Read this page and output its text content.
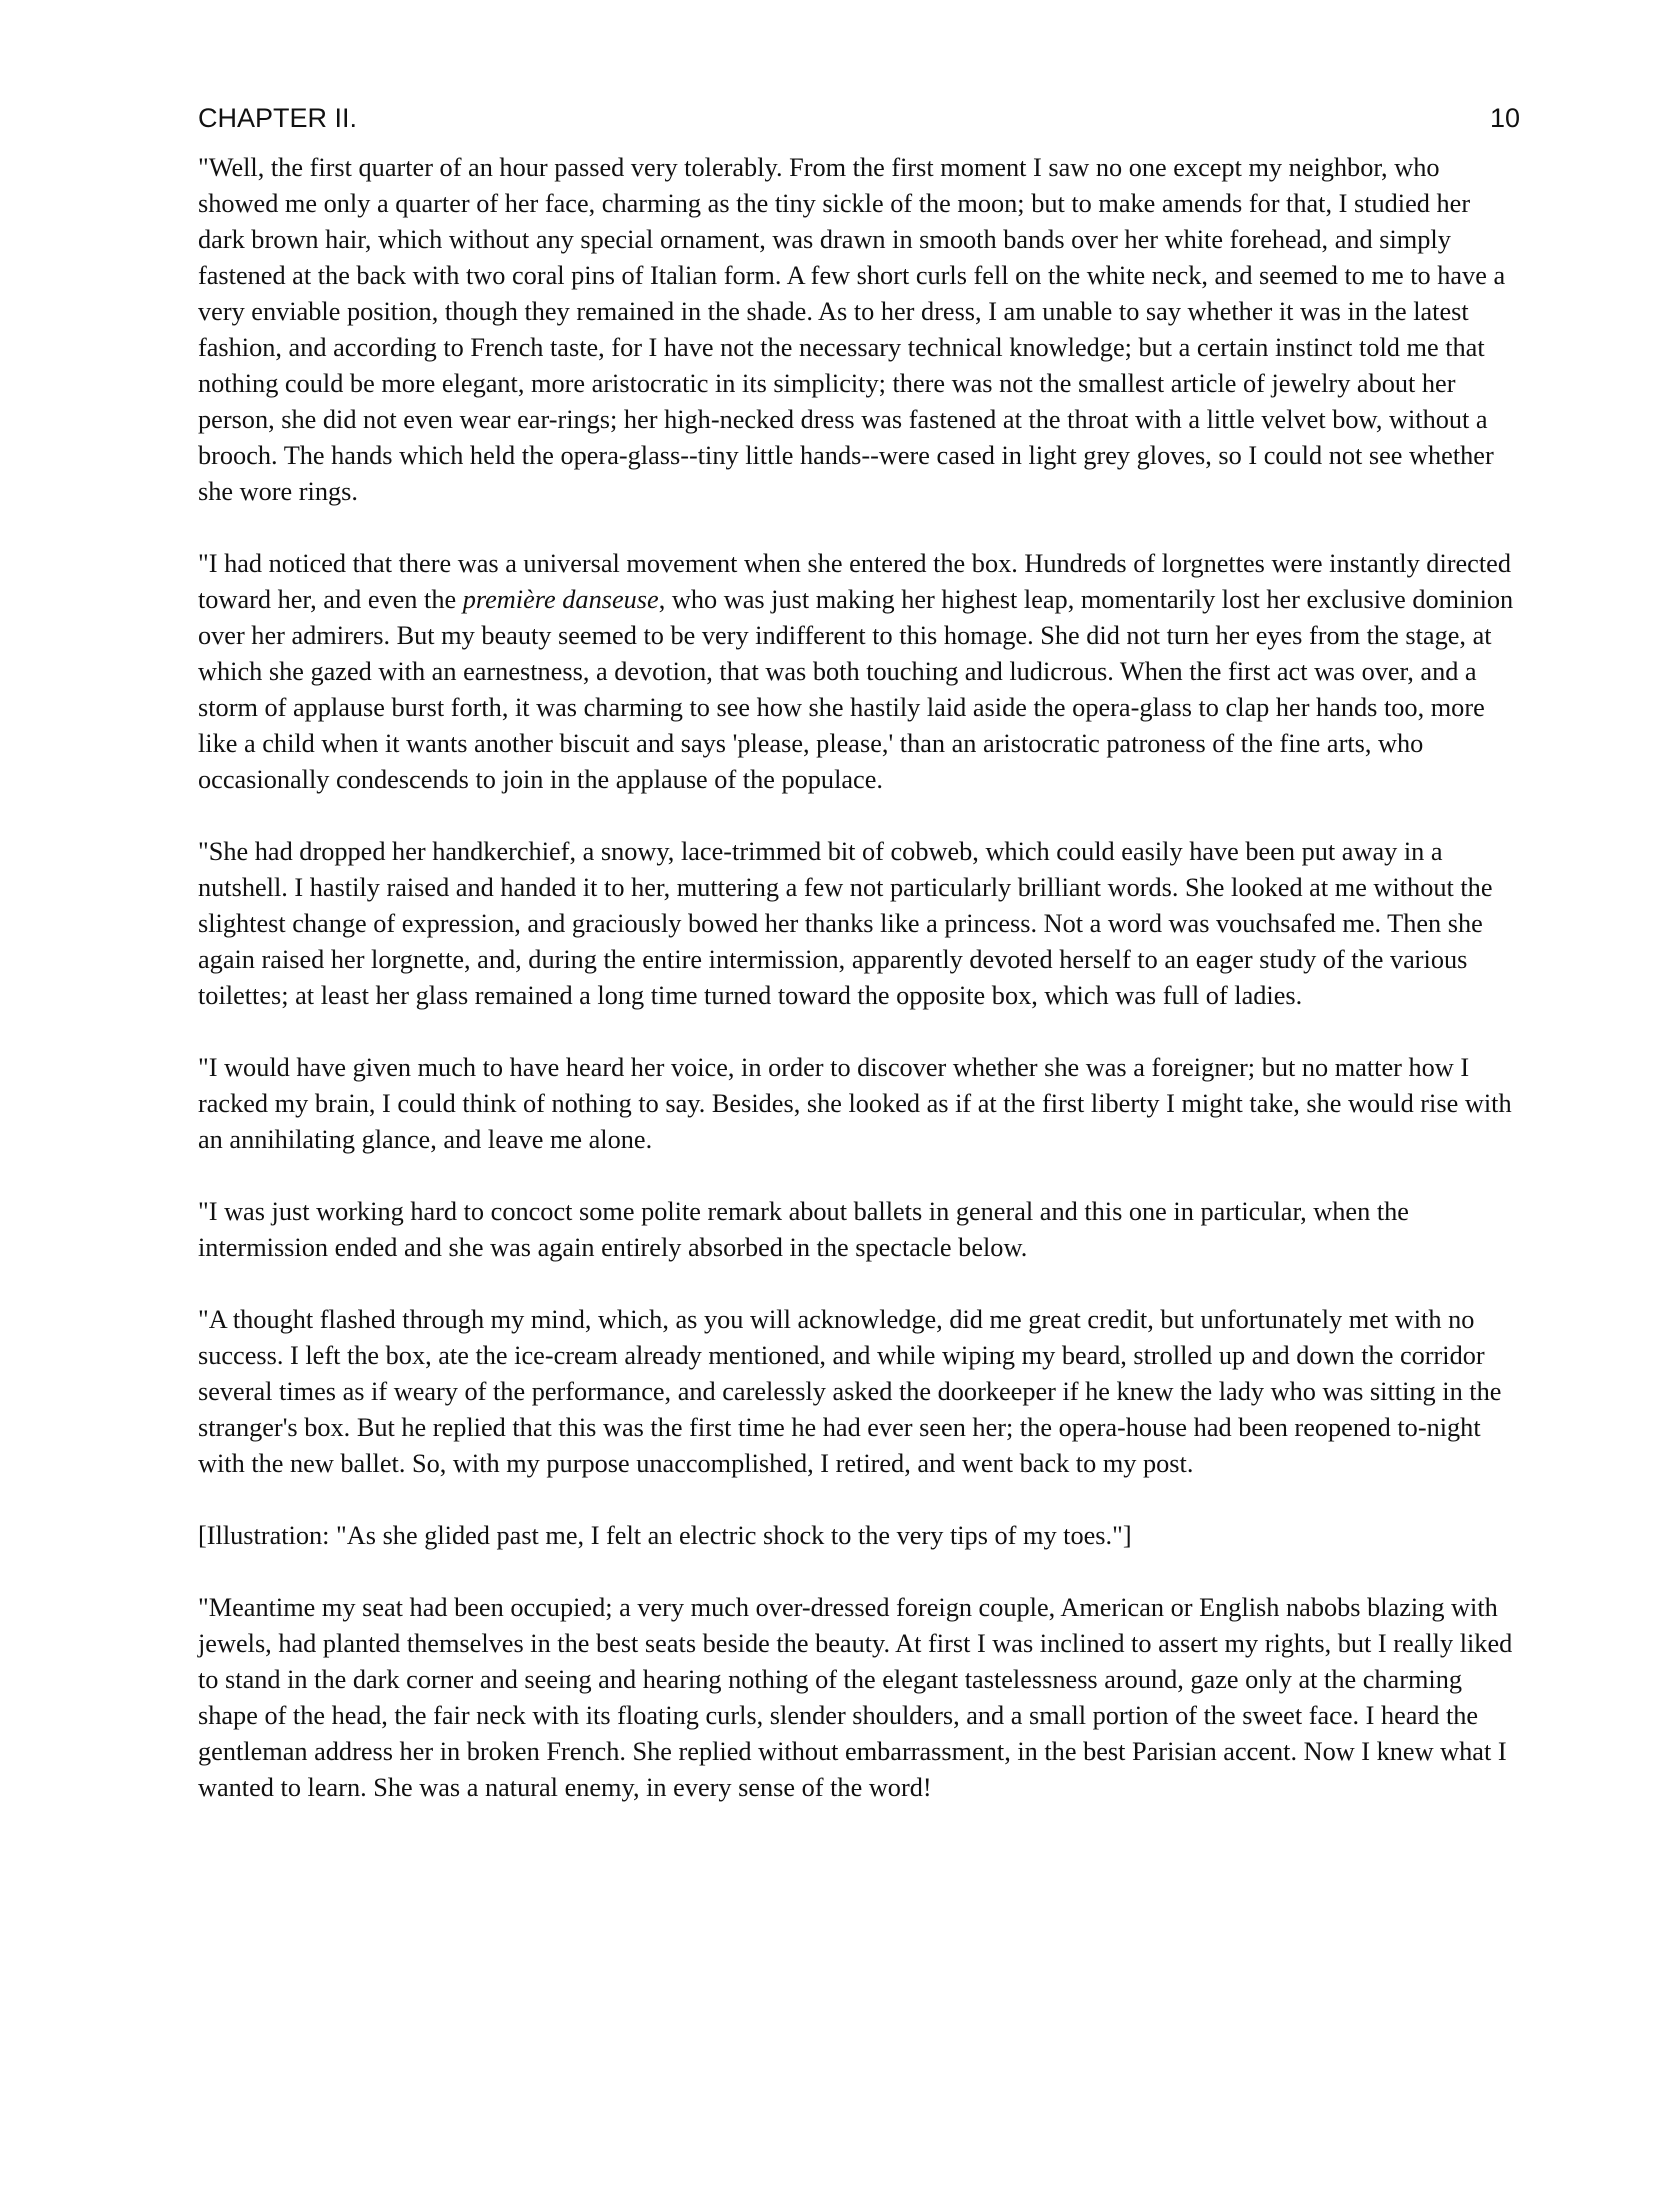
CHAPTER II.	10

"Well, the first quarter of an hour passed very tolerably. From the first moment I saw no one except my neighbor, who showed me only a quarter of her face, charming as the tiny sickle of the moon; but to make amends for that, I studied her dark brown hair, which without any special ornament, was drawn in smooth bands over her white forehead, and simply fastened at the back with two coral pins of Italian form. A few short curls fell on the white neck, and seemed to me to have a very enviable position, though they remained in the shade. As to her dress, I am unable to say whether it was in the latest fashion, and according to French taste, for I have not the necessary technical knowledge; but a certain instinct told me that nothing could be more elegant, more aristocratic in its simplicity; there was not the smallest article of jewelry about her person, she did not even wear ear-rings; her high-necked dress was fastened at the throat with a little velvet bow, without a brooch. The hands which held the opera-glass--tiny little hands--were cased in light grey gloves, so I could not see whether she wore rings.

"I had noticed that there was a universal movement when she entered the box. Hundreds of lorgnettes were instantly directed toward her, and even the première danseuse, who was just making her highest leap, momentarily lost her exclusive dominion over her admirers. But my beauty seemed to be very indifferent to this homage. She did not turn her eyes from the stage, at which she gazed with an earnestness, a devotion, that was both touching and ludicrous. When the first act was over, and a storm of applause burst forth, it was charming to see how she hastily laid aside the opera-glass to clap her hands too, more like a child when it wants another biscuit and says 'please, please,' than an aristocratic patroness of the fine arts, who occasionally condescends to join in the applause of the populace.

"She had dropped her handkerchief, a snowy, lace-trimmed bit of cobweb, which could easily have been put away in a nutshell. I hastily raised and handed it to her, muttering a few not particularly brilliant words. She looked at me without the slightest change of expression, and graciously bowed her thanks like a princess. Not a word was vouchsafed me. Then she again raised her lorgnette, and, during the entire intermission, apparently devoted herself to an eager study of the various toilettes; at least her glass remained a long time turned toward the opposite box, which was full of ladies.

"I would have given much to have heard her voice, in order to discover whether she was a foreigner; but no matter how I racked my brain, I could think of nothing to say. Besides, she looked as if at the first liberty I might take, she would rise with an annihilating glance, and leave me alone.

"I was just working hard to concoct some polite remark about ballets in general and this one in particular, when the intermission ended and she was again entirely absorbed in the spectacle below.

"A thought flashed through my mind, which, as you will acknowledge, did me great credit, but unfortunately met with no success. I left the box, ate the ice-cream already mentioned, and while wiping my beard, strolled up and down the corridor several times as if weary of the performance, and carelessly asked the doorkeeper if he knew the lady who was sitting in the stranger's box. But he replied that this was the first time he had ever seen her; the opera-house had been reopened to-night with the new ballet. So, with my purpose unaccomplished, I retired, and went back to my post.

[Illustration: "As she glided past me, I felt an electric shock to the very tips of my toes."]

"Meantime my seat had been occupied; a very much over-dressed foreign couple, American or English nabobs blazing with jewels, had planted themselves in the best seats beside the beauty. At first I was inclined to assert my rights, but I really liked to stand in the dark corner and seeing and hearing nothing of the elegant tastelessness around, gaze only at the charming shape of the head, the fair neck with its floating curls, slender shoulders, and a small portion of the sweet face. I heard the gentleman address her in broken French. She replied without embarrassment, in the best Parisian accent. Now I knew what I wanted to learn. She was a natural enemy, in every sense of the word!
